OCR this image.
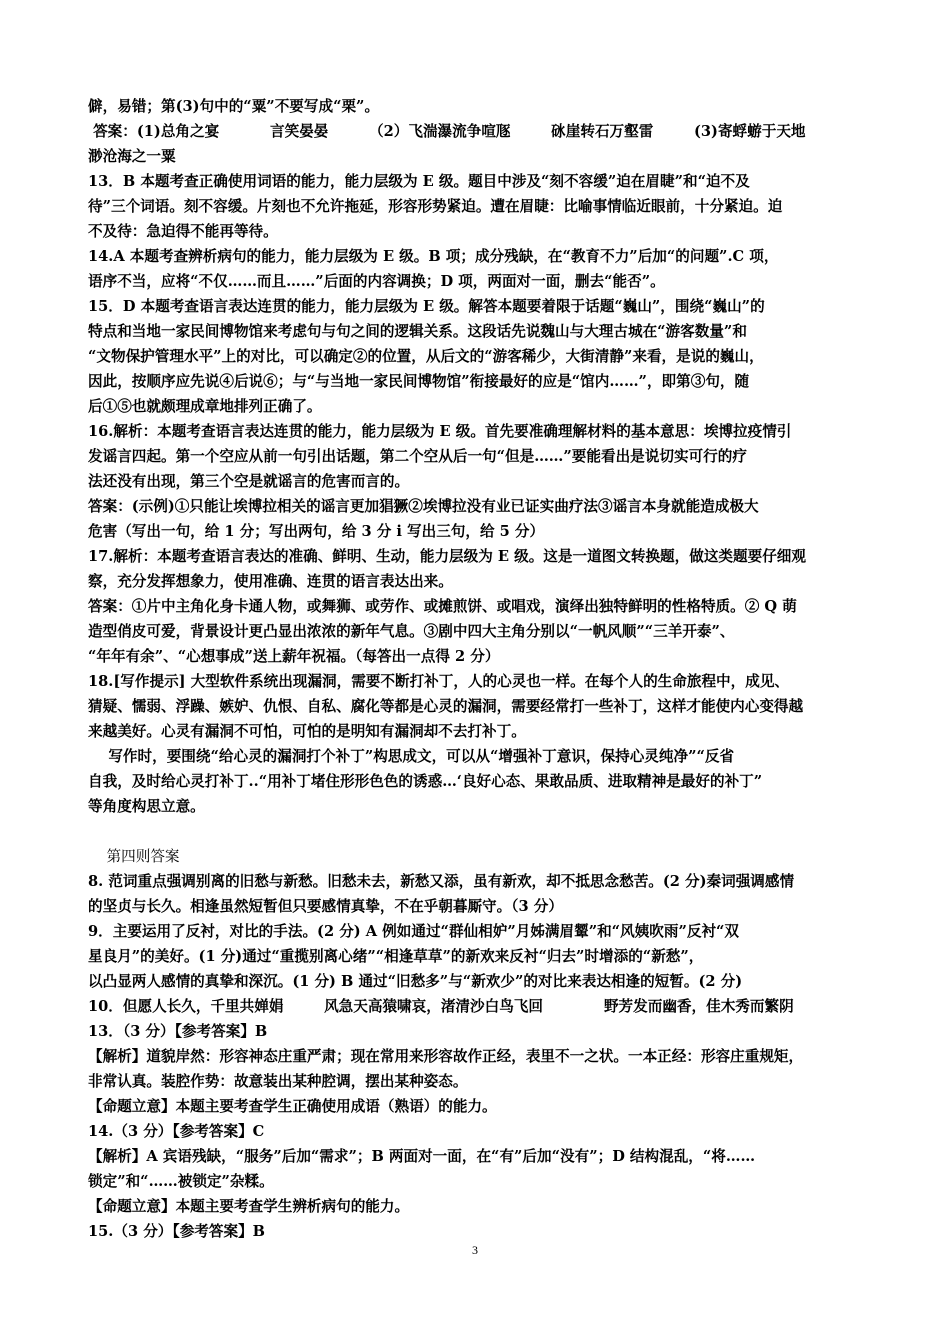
僻，易错；第(3)句中的“粟”不要写成“栗”。
答案：(1)总角之宴          言笑晏晏        （2）飞湍瀑流争喧豗        砯崖转石万壑雷        (3)寄蜉蝣于天地
渺沧海之一粟
13．B 本题考查正确使用词语的能力，能力层级为 E 级。题目中涉及“刻不容缓”迫在眉睫”和“迫不及
待”三个词语。刻不容缓。片刻也不允许拖延，形容形势紧迫。遭在眉睫：比喻事情临近眼前，十分紧迫。迫
不及待：急迫得不能再等待。
14.A 本题考查辨析病句的能力，能力层级为 E 级。B 项；成分残缺，在“教育不力”后加“的问题”.C 项，
语序不当，应将“不仅……而且……”后面的内容调换；D 项，两面对一面，删去“能否”。
15．D 本题考查语言表达连贯的能力，能力层级为 E 级。解答本题要着限于话题“巍山”，围绕“巍山”的
特点和当地一家民间博物馆来考虑句与句之间的逻辑关系。这段话先说魏山与大理古城在“游客数量”和
“文物保护管理水平”上的对比，可以确定②的位置，从后文的“游客稀少，大街清静”来看，是说的巍山，
因此，按顺序应先说④后说⑥；与“与当地一家民间博物馆”衔接最好的应是“馆内……”，即第③句，随
后①⑤也就颇理成章地排列正确了。
16.解析：本题考查语言表达连贯的能力，能力层级为 E 级。首先要准确理解材料的基本意思：埃博拉疫情引
发谣言四起。第一个空应从前一句引出话题，第二个空从后一句“但是……”要能看出是说切实可行的疗
法还没有出现，第三个空是就谣言的危害而言的。
答案：(示例)①只能让埃博拉相关的谣言更加猖獗②埃博拉没有业已证实曲疗法③谣言本身就能造成极大
危害（写出一句，给 1 分；写出两句，给 3 分 i 写出三句，给 5 分）
17.解析：本题考查语言表达的准确、鲜明、生动，能力层级为 E 级。这是一道图文转换题，做这类题要仔细观
察，充分发挥想象力，使用准确、连贯的语言表达出来。
答案：①片中主角化身卡通人物，或舞狮、或劳作、或摊煎饼、或唱戏，演绎出独特鲜明的性格特质。② Q 萌
造型俏皮可爱，背景设计更凸显出浓浓的新年气息。③剧中四大主角分别以“一帆风顺”“三羊开泰”、
“年年有余”、“心想事成”送上薪年祝福。（每答出一点得 2 分）
18.[写作提示] 大型软件系统出现漏洞，需要不断打补丁，人的心灵也一样。在每个人的生命旅程中，成见、
猜疑、懦弱、浮躁、嫉妒、仇恨、自私、腐化等都是心灵的漏洞，需要经常打一些补丁，这样才能使内心变得越
来越美好。心灵有漏洞不可怕，可怕的是明知有漏洞却不去打补丁。
写作时，要围绕“给心灵的漏洞打个补丁”构思成文，可以从“增强补丁意识，保持心灵纯净”“反省
自我，及时给心灵打补丁..“用补丁堵住形形色色的诱惑…‘良好心态、果敢品质、进取精神是最好的补丁”
等角度构思立意。
第四则答案
8. 范词重点强调别离的旧愁与新愁。旧愁未去，新愁又添，虽有新欢，却不抵思念愁苦。(2 分)秦词强调感情
的坚贞与长久。相逢虽然短暂但只要感情真挚，不在乎朝暮厮守。（3 分）
9．主要运用了反衬，对比的手法。(2 分) A 例如通过“群仙相妒”月姊满眉颦”和“风姨吹雨”反衬“双
星良月”的美好。(1 分)通过“重揽别离心绪”“相逢草草”的新欢来反衬“归去”时增添的“新愁”，
以凸显两人感情的真挚和深沉。(1 分) B 通过“旧愁多”与“新欢少”的对比来表达相逢的短暂。(2 分)
10．但愿人长久，千里共婵娟        风急天高猿啸哀，渚清沙白鸟飞回            野芳发而幽香，佳木秀而繁阴
13．（3 分）【参考答案】B
【解析】道貌岸然：形容神态庄重严肃；现在常用来形容故作正经，表里不一之状。一本正经：形容庄重规矩，
非常认真。装腔作势：故意装出某种腔调，摆出某种姿态。
【命题立意】本题主要考查学生正确使用成语（熟语）的能力。
14.（3 分）【参考答案】C
【解析】A 宾语残缺，“服务”后加“需求”；B 两面对一面，在“有”后加“没有”；D 结构混乱，“将……
锁定”和“……被锁定”杂糅。
【命题立意】本题主要考查学生辨析病句的能力。
15.（3 分）【参考答案】B
3
